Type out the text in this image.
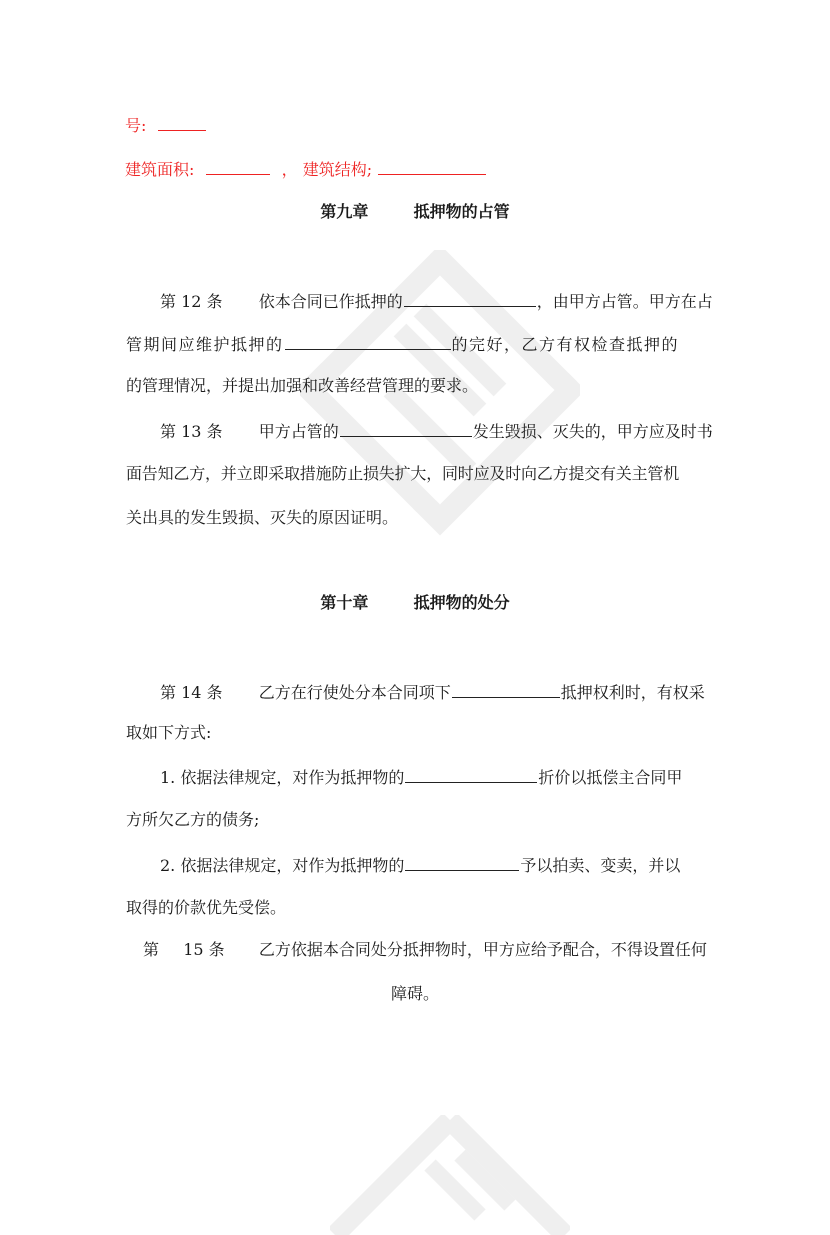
号:
建筑面积:	， 建筑结构;
第九章	抵押物的占管
第 12 条 依本合同已作抵押的	，由甲方占管。甲方在占
管期间应维护抵押的	的完好，乙方有权检查抵押的
的管理情况，并提出加强和改善经营管理的要求。
第 13 条 甲方占管的	发生毁损、灭失的，甲方应及时书
面告知乙方，并立即采取措施防止损失扩大，同时应及时向乙方提交有关主管机
关出具的发生毁损、灭失的原因证明。
第十章	抵押物的处分
第 14 条 乙方在行使处分本合同项下	抵押权利时，有权采
取如下方式:
1. 依据法律规定，对作为抵押物的	折价以抵偿主合同甲
方所欠乙方的债务;
2. 依据法律规定，对作为抵押物的	予以拍卖、变卖，并以
取得的价款优先受偿。
第 15 条 乙方依据本合同处分抵押物时，甲方应给予配合，不得设置任何
障碍。
